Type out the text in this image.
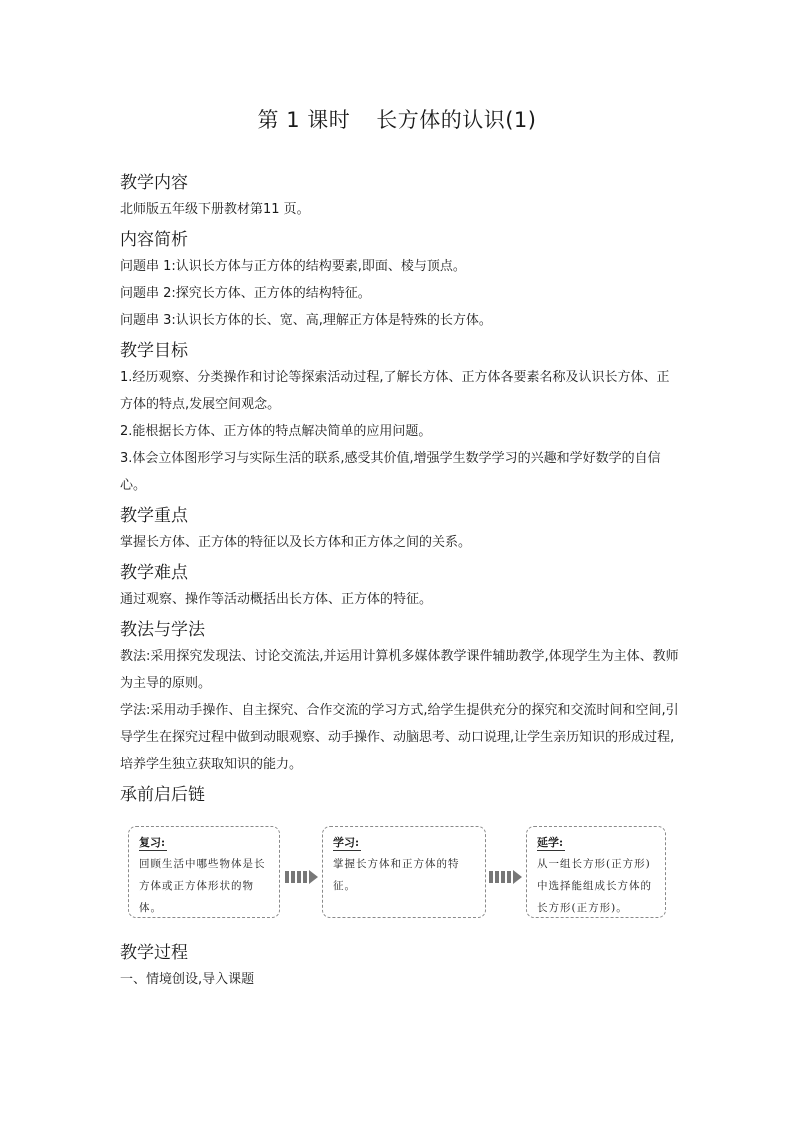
第 1 课时 长方体的认识(1)
教学内容

北师版五年级下册教材第11 页。

内容简析

问题串 1:认识长方体与正方体的结构要素,即面、棱与顶点。

问题串 2:探究长方体、正方体的结构特征。

问题串 3:认识长方体的长、宽、高,理解正方体是特殊的长方体。

教学目标

1.经历观察、分类操作和讨论等探索活动过程,了解长方体、正方体各要素名称及认识长方体、正方体的特点,发展空间观念。

2.能根据长方体、正方体的特点解决简单的应用问题。

3.体会立体图形学习与实际生活的联系,感受其价值,增强学生数学学习的兴趣和学好数学的自信心。

教学重点

掌握长方体、正方体的特征以及长方体和正方体之间的关系。

教学难点

通过观察、操作等活动概括出长方体、正方体的特征。

教法与学法

教法:采用探究发现法、讨论交流法,并运用计算机多媒体教学课件辅助教学,体现学生为主体、教师为主导的原则。

学法:采用动手操作、自主探究、合作交流的学习方式,给学生提供充分的探究和交流时间和空间,引导学生在探究过程中做到动眼观察、动手操作、动脑思考、动口说理,让学生亲历知识的形成过程,培养学生独立获取知识的能力。

承前启后链
复习:
回顾生活中哪些物体是长方体或正方体形状的物体。
学习:
掌握长方体和正方体的特征。
延学:
从一组长方形(正方形)中选择能组成长方体的长方形(正方形)。
教学过程

一、情境创设,导入课题
